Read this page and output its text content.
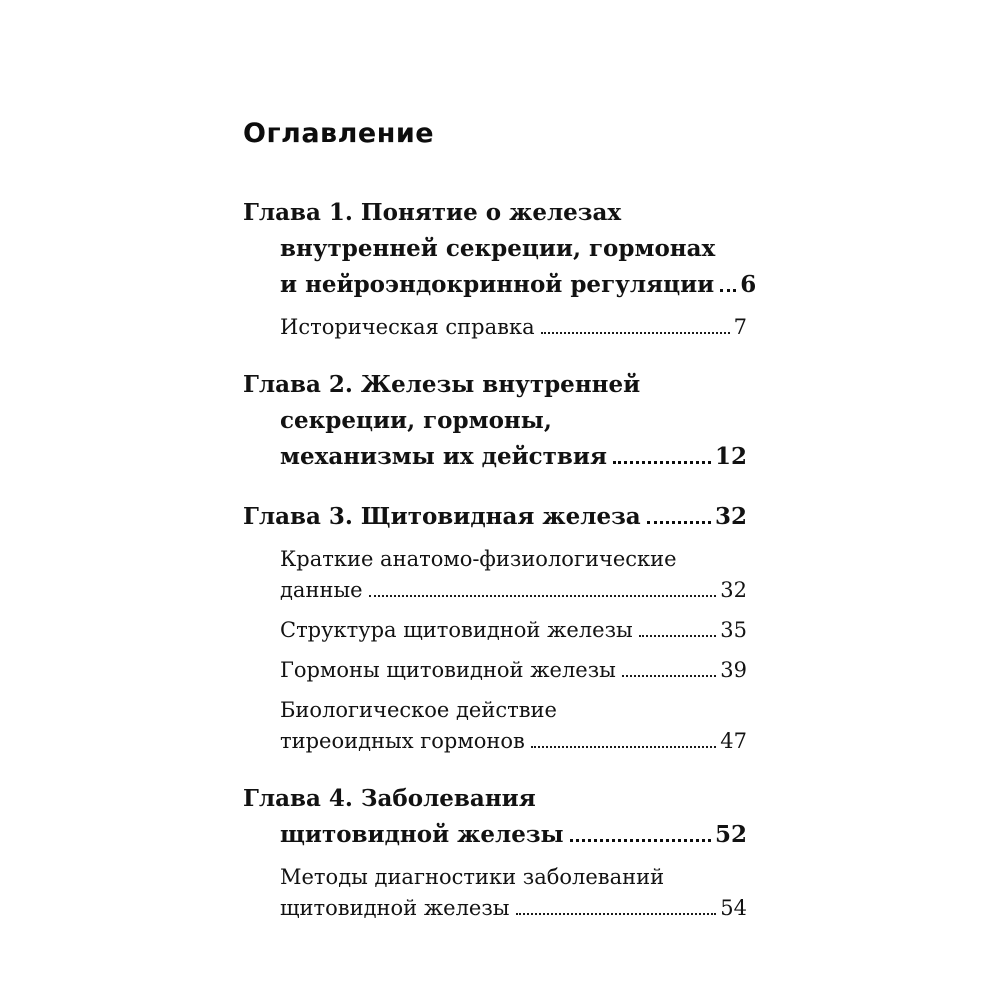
Оглавление
Глава 1. Понятие о железах
внутренней секреции, гормонах
и нейроэндокринной регуляции 6
Историческая справка	7
Глава 2. Железы внутренней
секреции, гормоны,
механизмы их действия	12
Глава 3. Щитовидная железа	32
Краткие анатомо-физиологические
данные	32
Структура щитовидной железы	35
Гормоны щитовидной железы	39
Биологическое действие
тиреоидных гормонов	47
Глава 4. Заболевания
щитовидной железы	52
Методы диагностики заболеваний
щитовидной железы	54
